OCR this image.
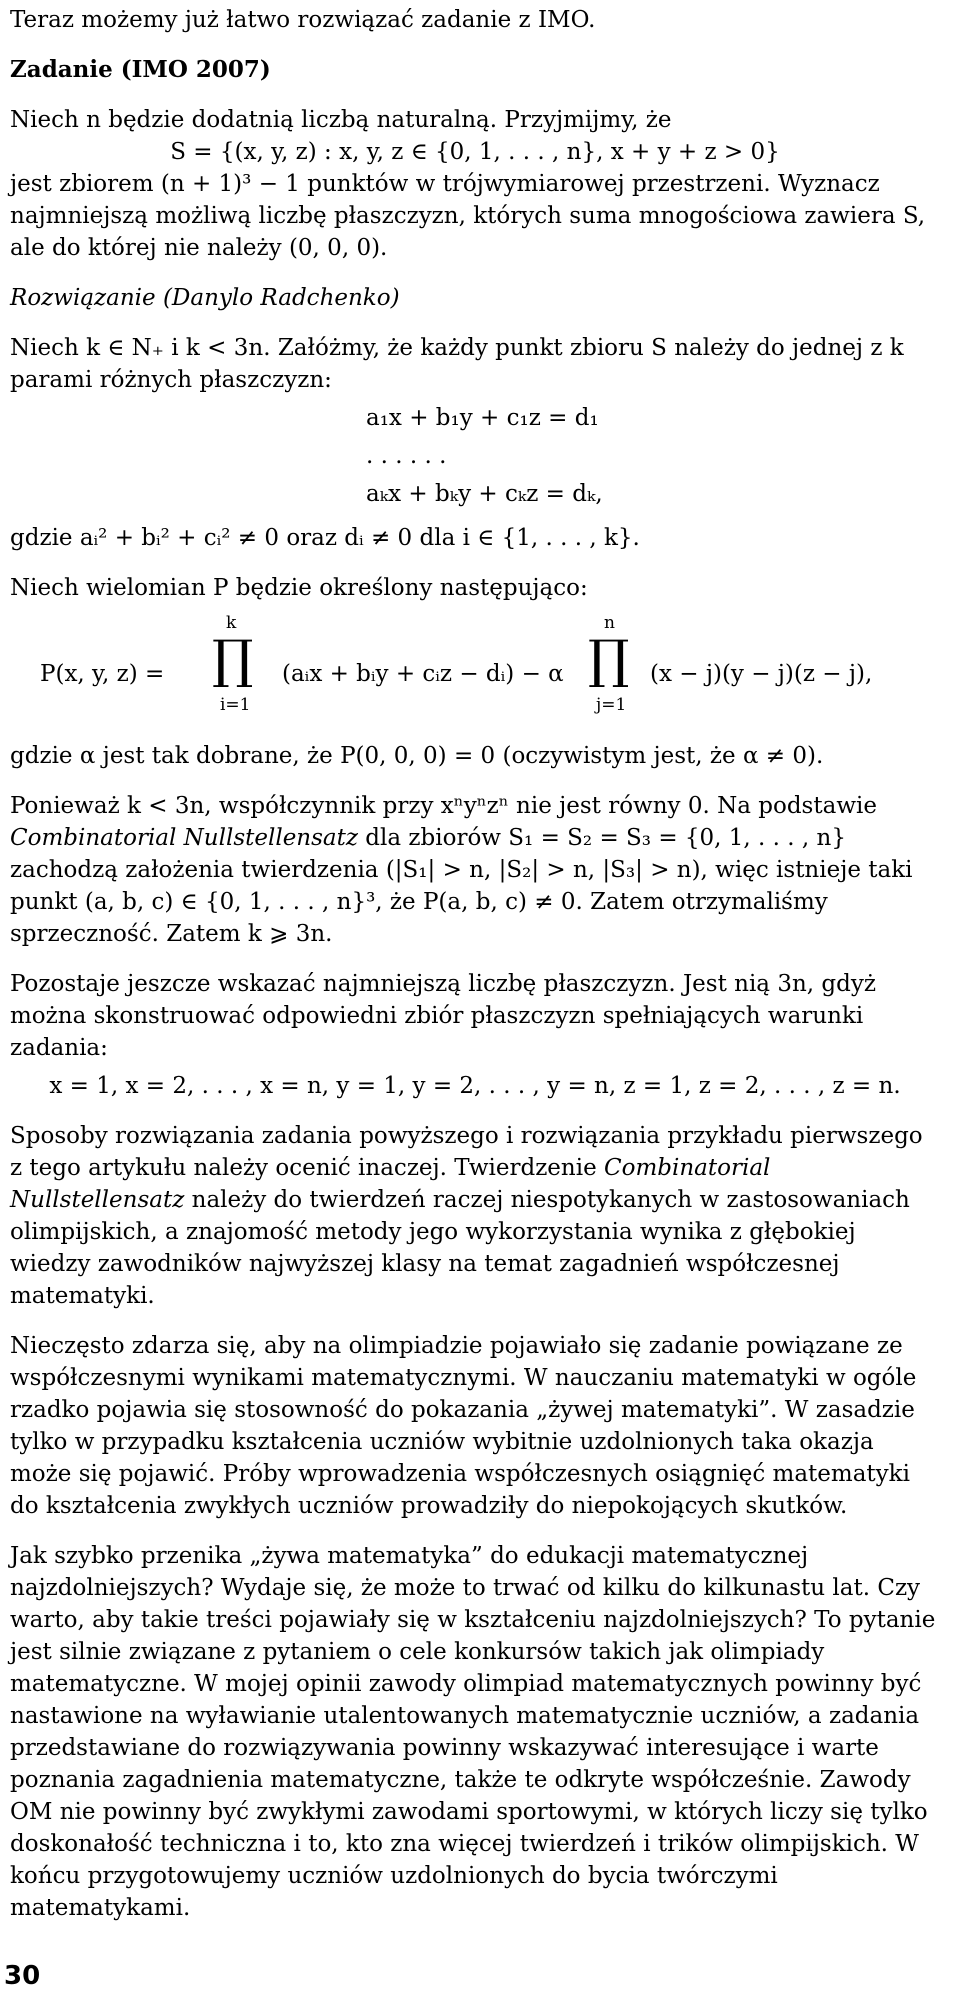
Teraz możemy już łatwo rozwiązać zadanie z IMO.

Zadanie (IMO 2007)

Niech n będzie dodatnią liczbą naturalną. Przyjmijmy, że

S = {(x, y, z) : x, y, z ∈ {0, 1, . . . , n}, x + y + z > 0}

jest zbiorem (n + 1)³ − 1 punktów w trójwymiarowej przestrzeni. Wyznacz najmniejszą możliwą liczbę płaszczyzn, których suma mnogościowa zawiera S, ale do której nie należy (0, 0, 0).

Rozwiązanie (Danylo Radchenko)

Niech k ∈ N₊ i k < 3n. Załóżmy, że każdy punkt zbioru S należy do jednej z k parami różnych płaszczyzn:

a₁x + b₁y + c₁z = d₁
. . . . . .
aₖx + bₖy + cₖz = dₖ,

gdzie aᵢ² + bᵢ² + cᵢ² ≠ 0 oraz dᵢ ≠ 0 dla i ∈ {1, . . . , k}.

Niech wielomian P będzie określony następująco:

P(x, y, z) =
k
∏
i=1
(aᵢx + bᵢy + cᵢz − dᵢ) − α
n
∏
j=1
(x − j)(y − j)(z − j),

gdzie α jest tak dobrane, że P(0, 0, 0) = 0 (oczywistym jest, że α ≠ 0).

Ponieważ k < 3n, współczynnik przy xⁿyⁿzⁿ nie jest równy 0. Na podstawie Combinatorial Nullstellensatz dla zbiorów S₁ = S₂ = S₃ = {0, 1, . . . , n} zachodzą założenia twierdzenia (|S₁| > n, |S₂| > n, |S₃| > n), więc istnieje taki punkt (a, b, c) ∈ {0, 1, . . . , n}³, że P(a, b, c) ≠ 0. Zatem otrzymaliśmy sprzeczność. Zatem k ⩾ 3n.

Pozostaje jeszcze wskazać najmniejszą liczbę płaszczyzn. Jest nią 3n, gdyż można skonstruować odpowiedni zbiór płaszczyzn spełniających warunki zadania:

x = 1, x = 2, . . . , x = n, y = 1, y = 2, . . . , y = n, z = 1, z = 2, . . . , z = n.

Sposoby rozwiązania zadania powyższego i rozwiązania przykładu pierwszego z tego artykułu należy ocenić inaczej. Twierdzenie Combinatorial Nullstellensatz należy do twierdzeń raczej niespotykanych w zastosowaniach olimpijskich, a znajomość metody jego wykorzystania wynika z głębokiej wiedzy zawodników najwyższej klasy na temat zagadnień współczesnej matematyki.

Nieczęsto zdarza się, aby na olimpiadzie pojawiało się zadanie powiązane ze współczesnymi wynikami matematycznymi. W nauczaniu matematyki w ogóle rzadko pojawia się stosowność do pokazania „żywej matematyki”. W zasadzie tylko w przypadku kształcenia uczniów wybitnie uzdolnionych taka okazja może się pojawić. Próby wprowadzenia współczesnych osiągnięć matematyki do kształcenia zwykłych uczniów prowadziły do niepokojących skutków.

Jak szybko przenika „żywa matematyka” do edukacji matematycznej najzdolniejszych? Wydaje się, że może to trwać od kilku do kilkunastu lat. Czy warto, aby takie treści pojawiały się w kształceniu najzdolniejszych? To pytanie jest silnie związane z pytaniem o cele konkursów takich jak olimpiady matematyczne. W mojej opinii zawody olimpiad matematycznych powinny być nastawione na wyławianie utalentowanych matematycznie uczniów, a zadania przedstawiane do rozwiązywania powinny wskazywać interesujące i warte poznania zagadnienia matematyczne, także te odkryte współcześnie. Zawody OM nie powinny być zwykłymi zawodami sportowymi, w których liczy się tylko doskonałość techniczna i to, kto zna więcej twierdzeń i trików olimpijskich. W końcu przygotowujemy uczniów uzdolnionych do bycia twórczymi matematykami.

30
